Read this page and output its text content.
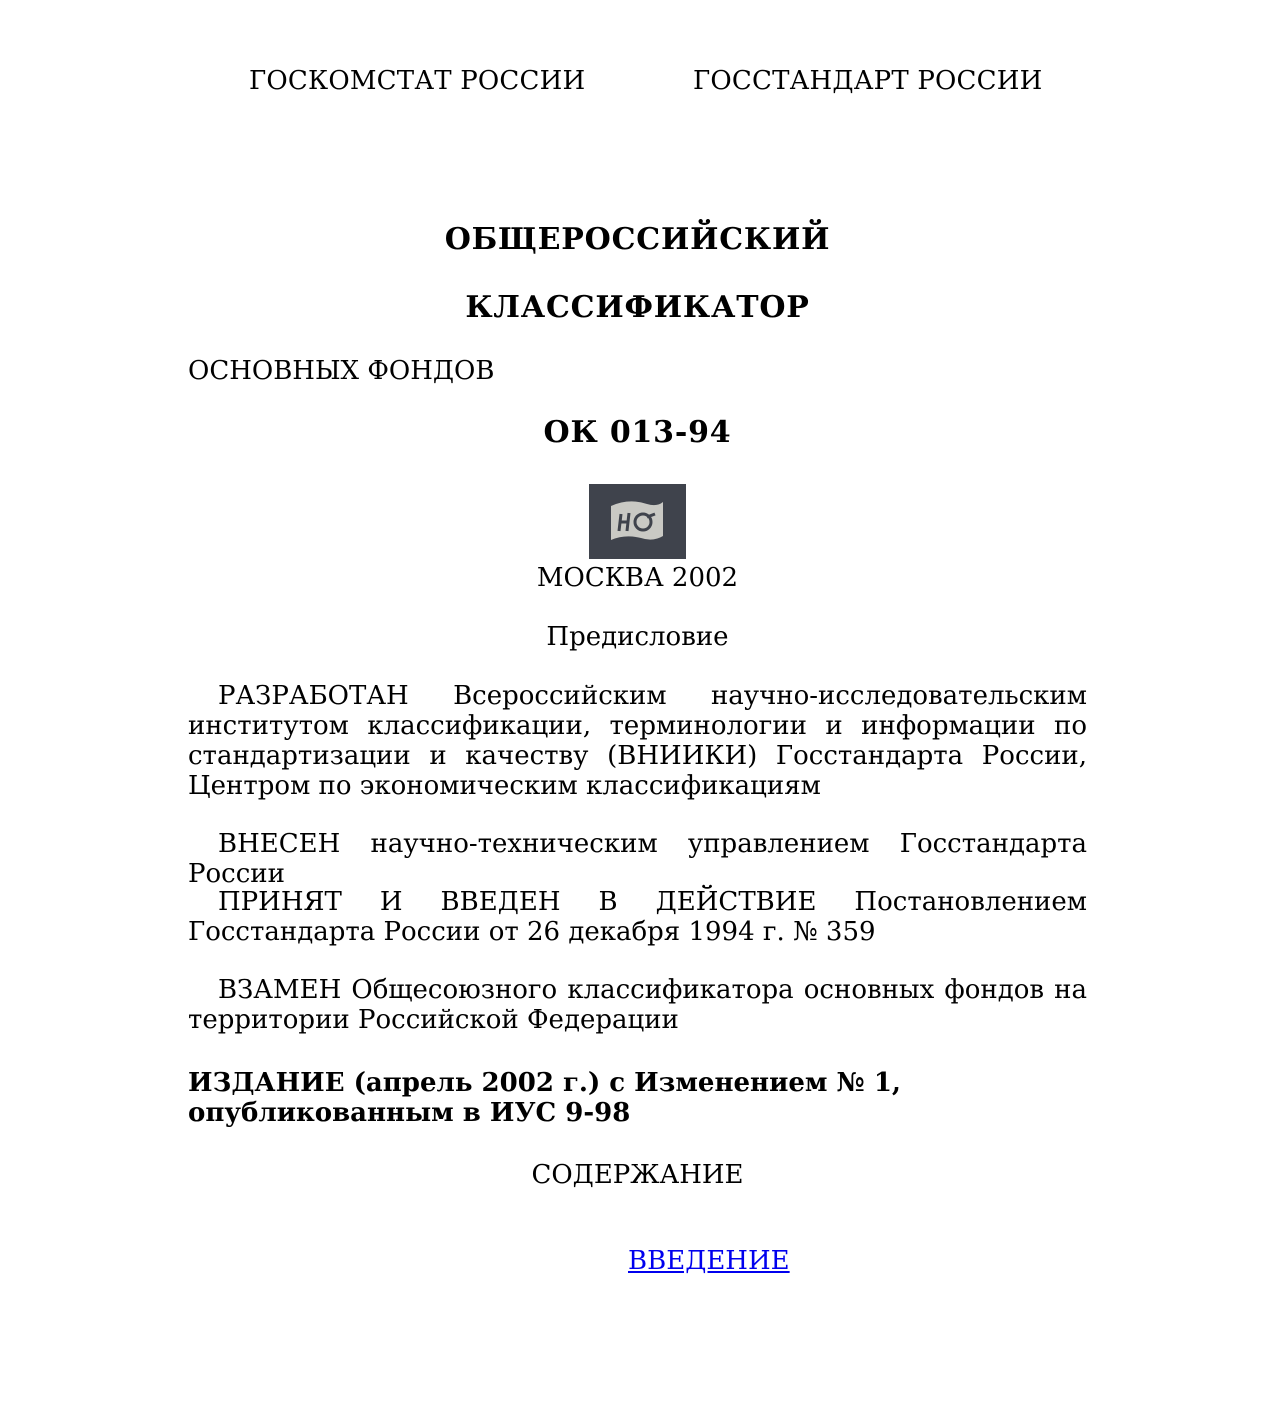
ГОСКОМСТАТ РОССИИ	ГОССТАНДАРТ РОССИИ
ОБЩЕРОССИЙСКИЙ
КЛАССИФИКАТОР
ОСНОВНЫХ ФОНДОВ
ОК 013-94
МОСКВА 2002
Предисловие

РАЗРАБОТАН Всероссийским научно-исследовательским институтом классификации, терминологии и информации по стандартизации и качеству (ВНИИКИ) Госстандарта России, Центром по экономическим классификациям

ВНЕСЕН научно-техническим управлением Госстандарта России

ПРИНЯТ И ВВЕДЕН В ДЕЙСТВИЕ Постановлением Госстандарта России от 26 декабря 1994 г. № 359

ВЗАМЕН Общесоюзного классификатора основных фондов на территории Российской Федерации

ИЗДАНИЕ (апрель 2002 г.) с Изменением № 1, опубликованным в ИУС 9-98
СОДЕРЖАНИЕ
ВВЕДЕНИЕ
